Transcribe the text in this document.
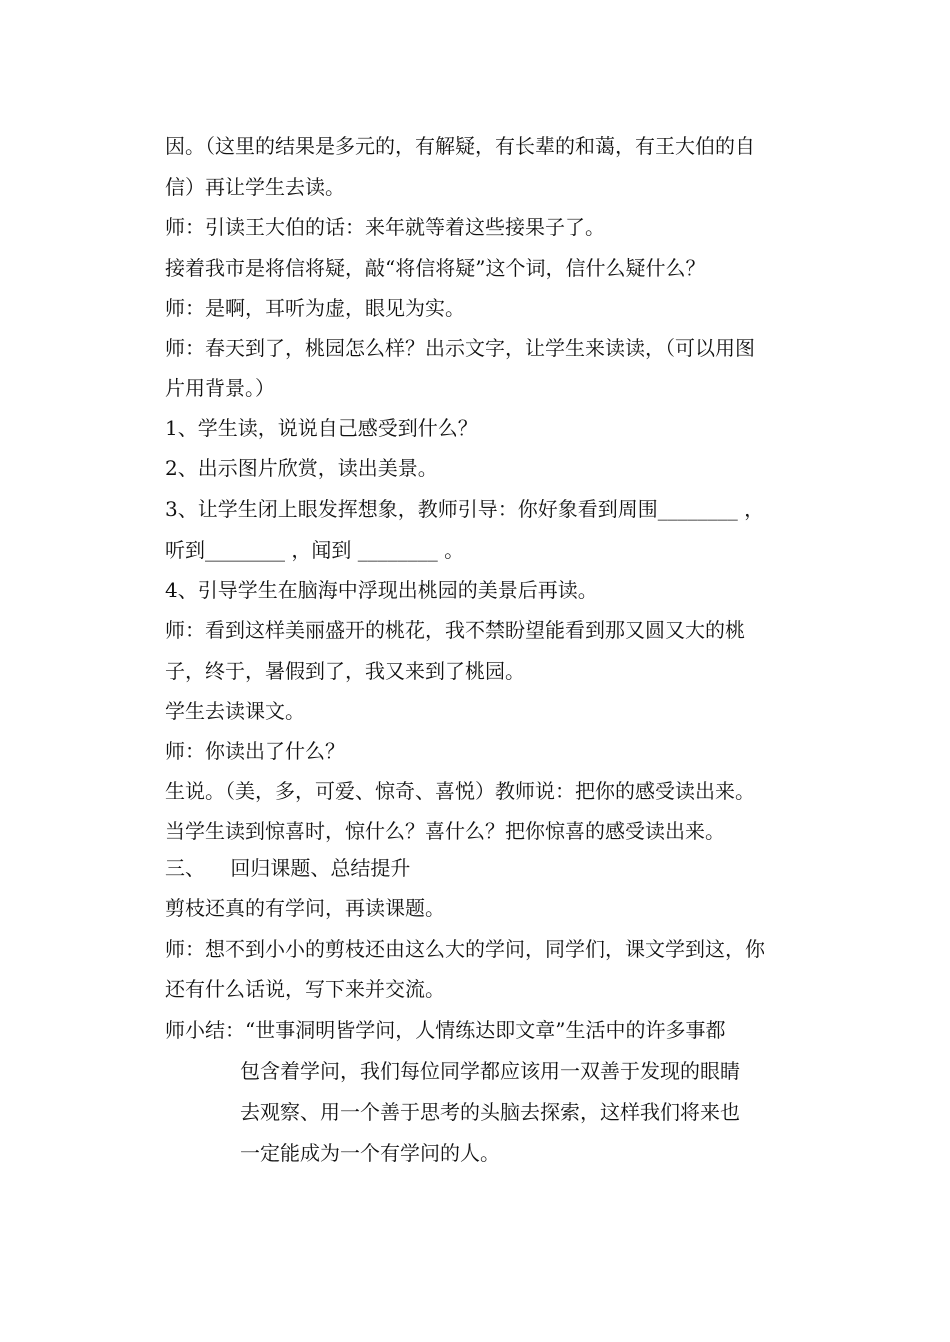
因。（这里的结果是多元的，有解疑，有长辈的和蔼，有王大伯的自
信）再让学生去读。
师：引读王大伯的话：来年就等着这些接果子了。
接着我市是将信将疑，敲“将信将疑”这个词，信什么疑什么？
师：是啊，耳听为虚，眼见为实。
师：春天到了，桃园怎么样？出示文字，让学生来读读，（可以用图
片用背景。）
1、学生读，说说自己感受到什么？
2、出示图片欣赏，读出美景。
3、让学生闭上眼发挥想象，教师引导：你好象看到周围________ ，
听到________ ，闻到 ________ 。
4、引导学生在脑海中浮现出桃园的美景后再读。
师：看到这样美丽盛开的桃花，我不禁盼望能看到那又圆又大的桃
子，终于，暑假到了，我又来到了桃园。
学生去读课文。
师：你读出了什么？
生说。（美，多，可爱、惊奇、喜悦）教师说：把你的感受读出来。
当学生读到惊喜时，惊什么？喜什么？把你惊喜的感受读出来。
三、    回归课题、总结提升
剪枝还真的有学问，再读课题。
师：想不到小小的剪枝还由这么大的学问，同学们，课文学到这，你
还有什么话说，写下来并交流。
师小结：“世事洞明皆学问，人情练达即文章”生活中的许多事都
包含着学问，我们每位同学都应该用一双善于发现的眼睛
去观察、用一个善于思考的头脑去探索，这样我们将来也
一定能成为一个有学问的人。
